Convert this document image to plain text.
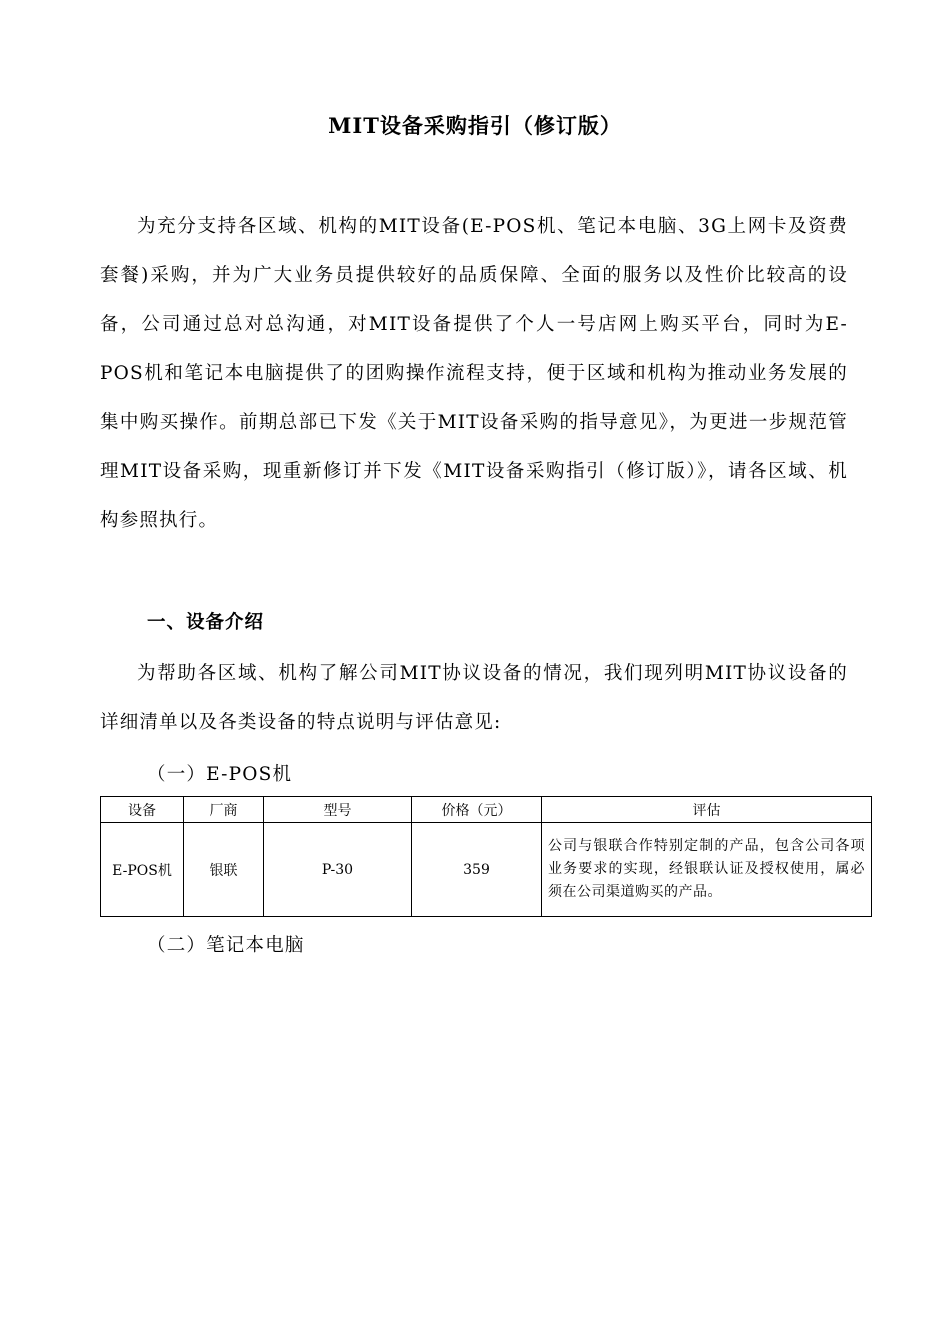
MIT设备采购指引（修订版）
为充分支持各区域、机构的MIT设备(E-POS机、笔记本电脑、3G上网卡及资费套餐)采购，并为广大业务员提供较好的品质保障、全面的服务以及性价比较高的设备，公司通过总对总沟通，对MIT设备提供了个人一号店网上购买平台，同时为E-POS机和笔记本电脑提供了的团购操作流程支持，便于区域和机构为推动业务发展的集中购买操作。前期总部已下发《关于MIT设备采购的指导意见》，为更进一步规范管理MIT设备采购，现重新修订并下发《MIT设备采购指引（修订版）》，请各区域、机构参照执行。
一、设备介绍
为帮助各区域、机构了解公司MIT协议设备的情况，我们现列明MIT协议设备的详细清单以及各类设备的特点说明与评估意见:
（一）E-POS机
设备	厂商	型号	价格（元）	评估
E-POS机	银联	P-30	359	公司与银联合作特别定制的产品，包含公司各项业务要求的实现，经银联认证及授权使用，属必须在公司渠道购买的产品。
（二）笔记本电脑
